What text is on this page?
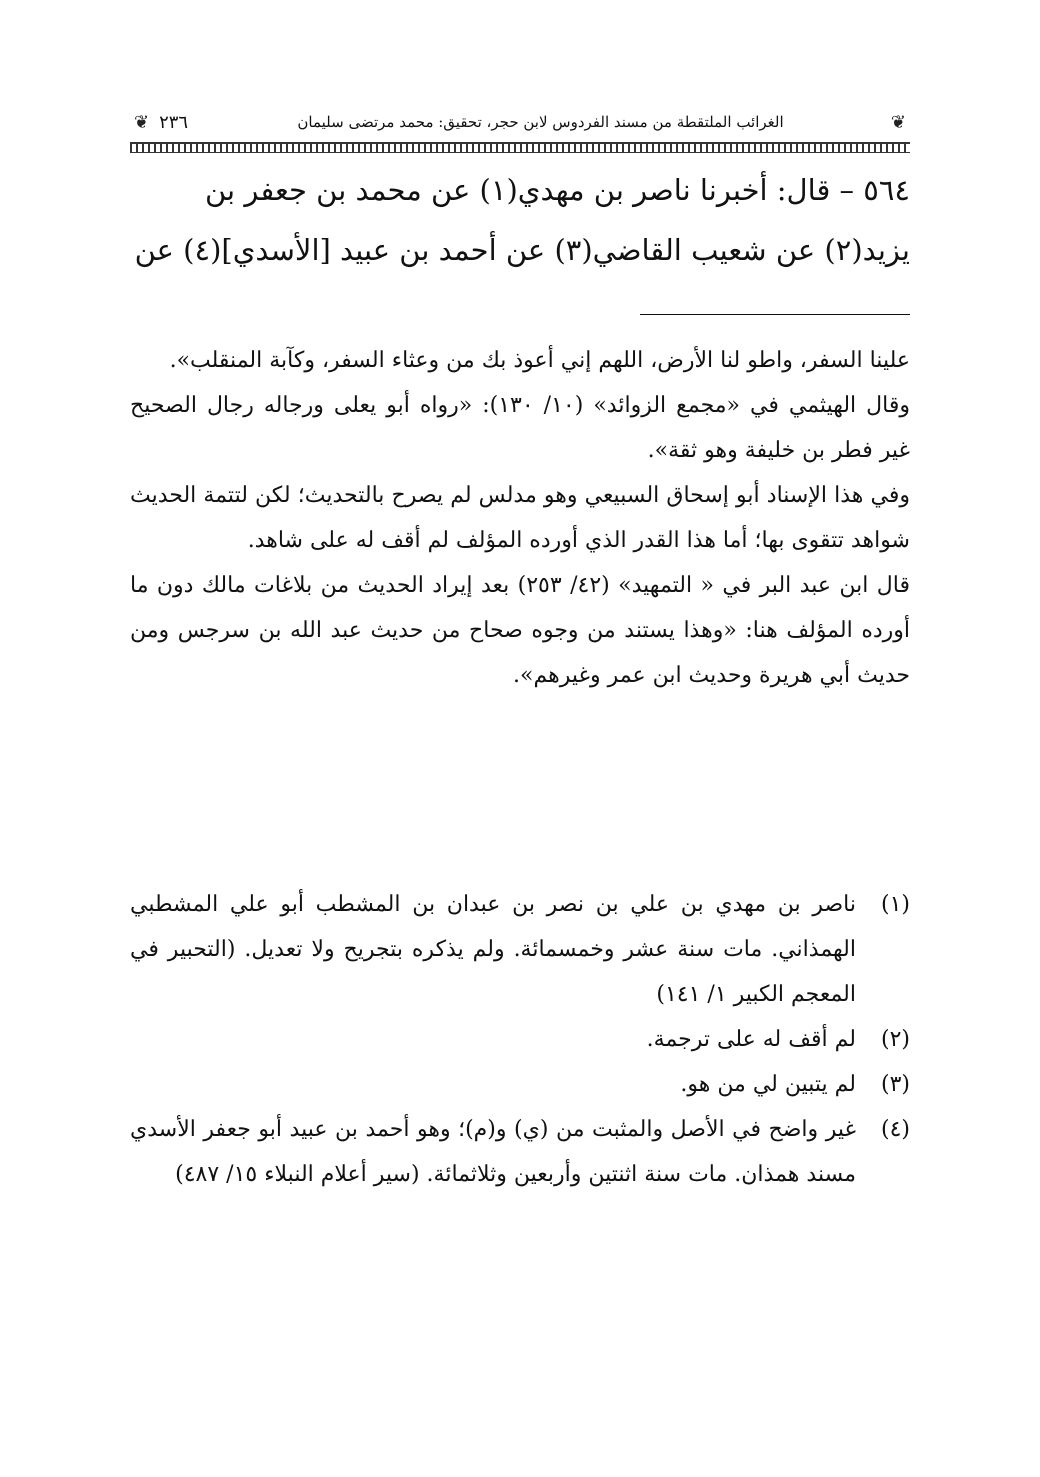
❦
الغرائب الملتقطة من مسند الفردوس لابن حجر، تحقيق: محمد مرتضى سليمان
٢٣٦
❦

٥٦٤ – قال: أخبرنا ناصر بن مهدي(١) عن محمد بن جعفر بن

يزيد(٢) عن شعيب القاضي(٣) عن أحمد بن عبيد [الأسدي](٤) عن

علينا السفر، واطو لنا الأرض، اللهم إني أعوذ بك من وعثاء السفر، وكآبة المنقلب».

وقال الهيثمي في «مجمع الزوائد» (١٠/ ١٣٠): «رواه أبو يعلى ورجاله رجال الصحيح غير فطر بن خليفة وهو ثقة».

وفي هذا الإسناد أبو إسحاق السبيعي وهو مدلس لم يصرح بالتحديث؛ لكن لتتمة الحديث شواهد تتقوى بها؛ أما هذا القدر الذي أورده المؤلف لم أقف له على شاهد.

قال ابن عبد البر في « التمهيد» (٤٢/ ٢٥٣) بعد إيراد الحديث من بلاغات مالك دون ما أورده المؤلف هنا: «وهذا يستند من وجوه صحاح من حديث عبد الله بن سرجس ومن حديث أبي هريرة وحديث ابن عمر وغيرهم».

(١)
ناصر بن مهدي بن علي بن نصر بن عبدان بن المشطب أبو علي المشطبي الهمذاني. مات سنة عشر وخمسمائة. ولم يذكره بتجريح ولا تعديل. (التحبير في المعجم الكبير ١/ ١٤١)
(٢)
لم أقف له على ترجمة.
(٣)
لم يتبين لي من هو.
(٤)
غير واضح في الأصل والمثبت من (ي) و(م)؛ وهو أحمد بن عبيد أبو جعفر الأسدي مسند همذان. مات سنة اثنتين وأربعين وثلاثمائة. (سير أعلام النبلاء ١٥/ ٤٨٧)
